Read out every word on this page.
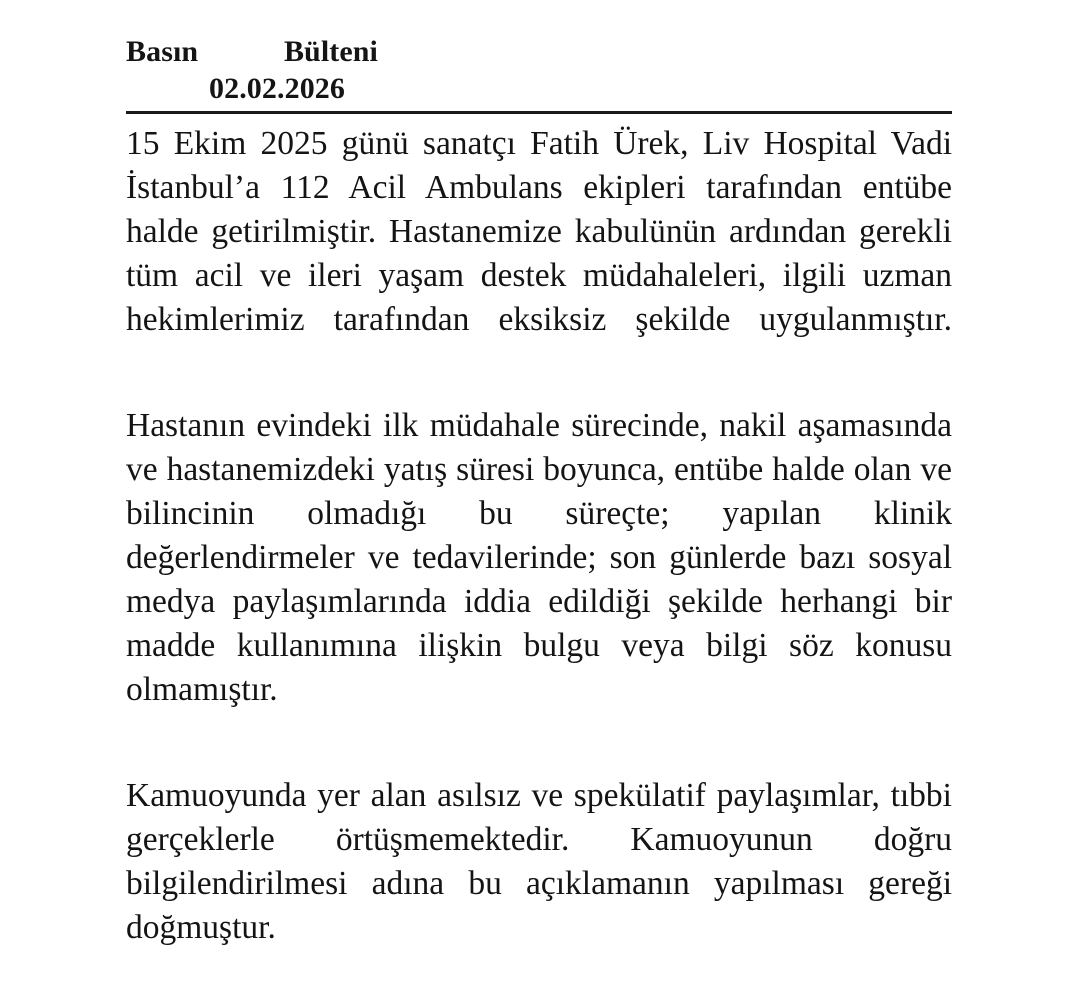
Basın	Bülteni
02.02.2026

15 Ekim 2025 günü sanatçı Fatih Ürek, Liv Hospital Vadi İstanbul’a 112 Acil Ambulans ekipleri tarafından entübe halde getirilmiştir. Hastanemize kabulünün ardından gerekli tüm acil ve ileri yaşam destek müdahaleleri, ilgili uzman hekimlerimiz tarafından eksiksiz şekilde uygulanmıştır.

Hastanın evindeki ilk müdahale sürecinde, nakil aşamasında ve hastanemizdeki yatış süresi boyunca, entübe halde olan ve bilincinin olmadığı bu süreçte; yapılan klinik değerlendirmeler ve tedavilerinde; son günlerde bazı sosyal medya paylaşımlarında iddia edildiği şekilde herhangi bir madde kullanımına ilişkin bulgu veya bilgi söz konusu olmamıştır.

Kamuoyunda yer alan asılsız ve spekülatif paylaşımlar, tıbbi gerçeklerle örtüşmemektedir. Kamuoyunun doğru bilgilendirilmesi adına bu açıklamanın yapılması gereği doğmuştur.
